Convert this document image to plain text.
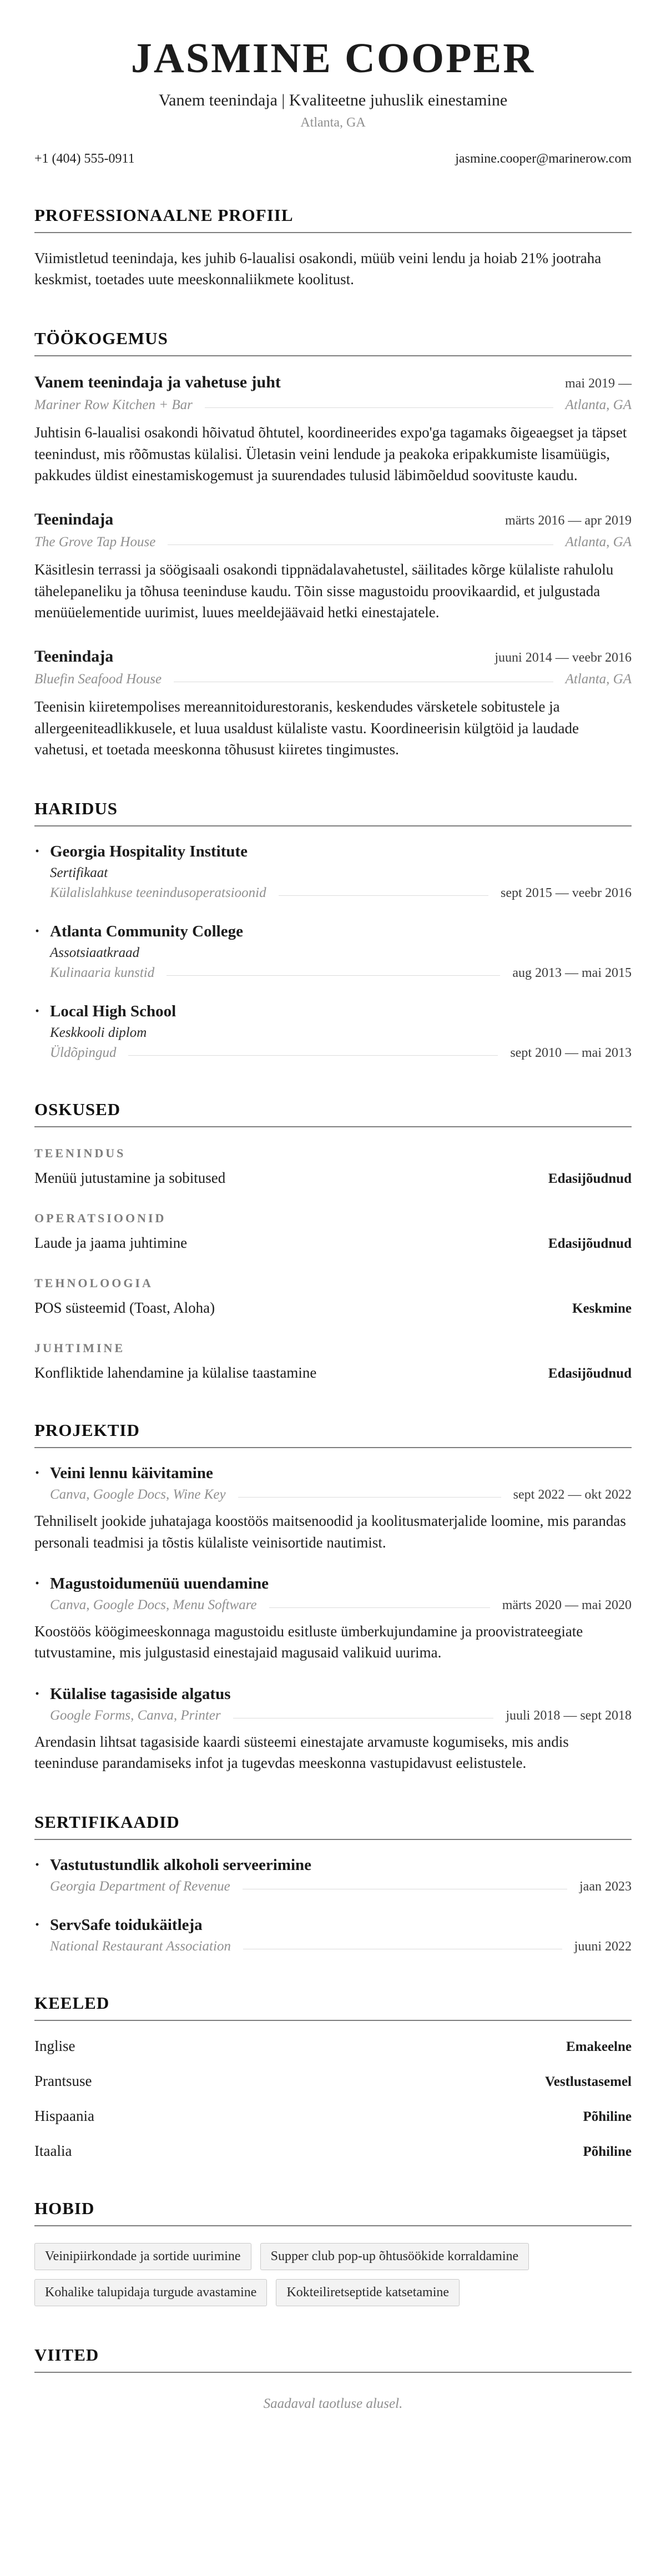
JASMINE COOPER
Vanem teenindaja | Kvaliteetne juhuslik einestamine
Atlanta, GA
+1 (404) 555-0911	jasmine.cooper@marinerow.com
PROFESSIONAALNE PROFIIL

Viimistletud teenindaja, kes juhib 6-laualisi osakondi, müüb veini lendu ja hoiab 21% jootraha keskmist, toetades uute meeskonnaliikmete koolitust.

TÖÖKOGEMUS
Vanem teenindaja ja vahetuse juht	mai 2019 —
Mariner Row Kitchen + Bar	Atlanta, GA

Juhtisin 6-laualisi osakondi hõivatud õhtutel, koordineerides expo'ga tagamaks õigeaegset ja täpset teenindust, mis rõõmustas külalisi. Ületasin veini lendude ja peakoka eripakkumiste lisamüügis, pakkudes üldist einestamiskogemust ja suurendades tulusid läbimõeldud soovituste kaudu.

Teenindaja	märts 2016 — apr 2019
The Grove Tap House	Atlanta, GA

Käsitlesin terrassi ja söögisaali osakondi tippnädalavahetustel, säilitades kõrge külaliste rahulolu tähelepaneliku ja tõhusa teeninduse kaudu. Tõin sisse magustoidu proovikaardid, et julgustada menüüelementide uurimist, luues meeldejäävaid hetki einestajatele.

Teenindaja	juuni 2014 — veebr 2016
Bluefin Seafood House	Atlanta, GA

Teenisin kiiretempolises mereannitoidurestoranis, keskendudes värsketele sobitustele ja allergeeniteadlikkusele, et luua usaldust külaliste vastu. Koordineerisin külgtöid ja laudade vahetusi, et toetada meeskonna tõhusust kiiretes tingimustes.

HARIDUS
·
Georgia Hospitality Institute
Sertifikaat
Külalislahkuse teenindusoperatsioonid	sept 2015 — veebr 2016
·
Atlanta Community College
Assotsiaatkraad
Kulinaaria kunstid	aug 2013 — mai 2015
·
Local High School
Keskkooli diplom
Üldõpingud	sept 2010 — mai 2013
OSKUSED
TEENINDUS
Menüü jutustamine ja sobitused	Edasijõudnud
OPERATSIOONID
Laude ja jaama juhtimine	Edasijõudnud
TEHNOLOOGIA
POS süsteemid (Toast, Aloha)	Keskmine
JUHTIMINE
Konfliktide lahendamine ja külalise taastamine	Edasijõudnud
PROJEKTID
·
Veini lennu käivitamine
Canva, Google Docs, Wine Key	sept 2022 — okt 2022

Tehniliselt jookide juhatajaga koostöös maitsenoodid ja koolitusmaterjalide loomine, mis parandas personali teadmisi ja tõstis külaliste veinisortide nautimist.

·
Magustoidumenüü uuendamine
Canva, Google Docs, Menu Software	märts 2020 — mai 2020

Koostöös köögimeeskonnaga magustoidu esitluste ümberkujundamine ja proovistrateegiate tutvustamine, mis julgustasid einestajaid magusaid valikuid uurima.

·
Külalise tagasiside algatus
Google Forms, Canva, Printer	juuli 2018 — sept 2018

Arendasin lihtsat tagasiside kaardi süsteemi einestajate arvamuste kogumiseks, mis andis teeninduse parandamiseks infot ja tugevdas meeskonna vastupidavust eelistustele.

SERTIFIKAADID
·
Vastutustundlik alkoholi serveerimine
Georgia Department of Revenue	jaan 2023
·
ServSafe toidukäitleja
National Restaurant Association	juuni 2022
KEELED
Inglise	Emakeelne
Prantsuse	Vestlustasemel
Hispaania	Põhiline
Itaalia	Põhiline
HOBID
Veinipiirkondade ja sortide uurimine	Supper club pop-up õhtusöökide korraldamine
Kohalike talupidaja turgude avastamine	Kokteiliretseptide katsetamine
VIITED

Saadaval taotluse alusel.
